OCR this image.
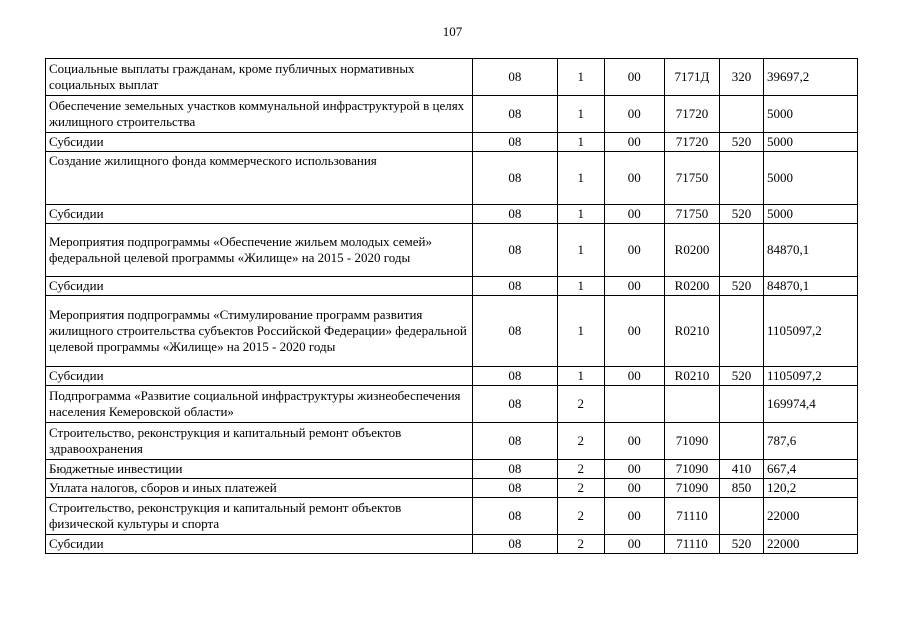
107
Социальные выплаты гражданам, кроме публичных нормативных социальных выплат	08	1	00	7171Д	320	39697,2
Обеспечение земельных участков коммунальной инфраструктурой в целях жилищного строительства	08	1	00	71720		5000
Субсидии	08	1	00	71720	520	5000
Создание жилищного фонда коммерческого использования	08	1	00	71750		5000
Субсидии	08	1	00	71750	520	5000
Мероприятия подпрограммы «Обеспечение жильем молодых семей» федеральной целевой программы «Жилище» на 2015 - 2020 годы	08	1	00	R0200		84870,1
Субсидии	08	1	00	R0200	520	84870,1
Мероприятия подпрограммы «Стимулирование программ развития жилищного строительства субъектов Российской Федерации» федеральной целевой программы «Жилище» на 2015 - 2020 годы	08	1	00	R0210		1105097,2
Субсидии	08	1	00	R0210	520	1105097,2
Подпрограмма «Развитие социальной инфраструктуры жизнеобеспечения населения Кемеровской области»	08	2				169974,4
Строительство, реконструкция и капитальный ремонт объектов здравоохранения	08	2	00	71090		787,6
Бюджетные инвестиции	08	2	00	71090	410	667,4
Уплата налогов, сборов и иных платежей	08	2	00	71090	850	120,2
Строительство, реконструкция и капитальный ремонт объектов физической культуры и спорта	08	2	00	71110		22000
Субсидии	08	2	00	71110	520	22000
